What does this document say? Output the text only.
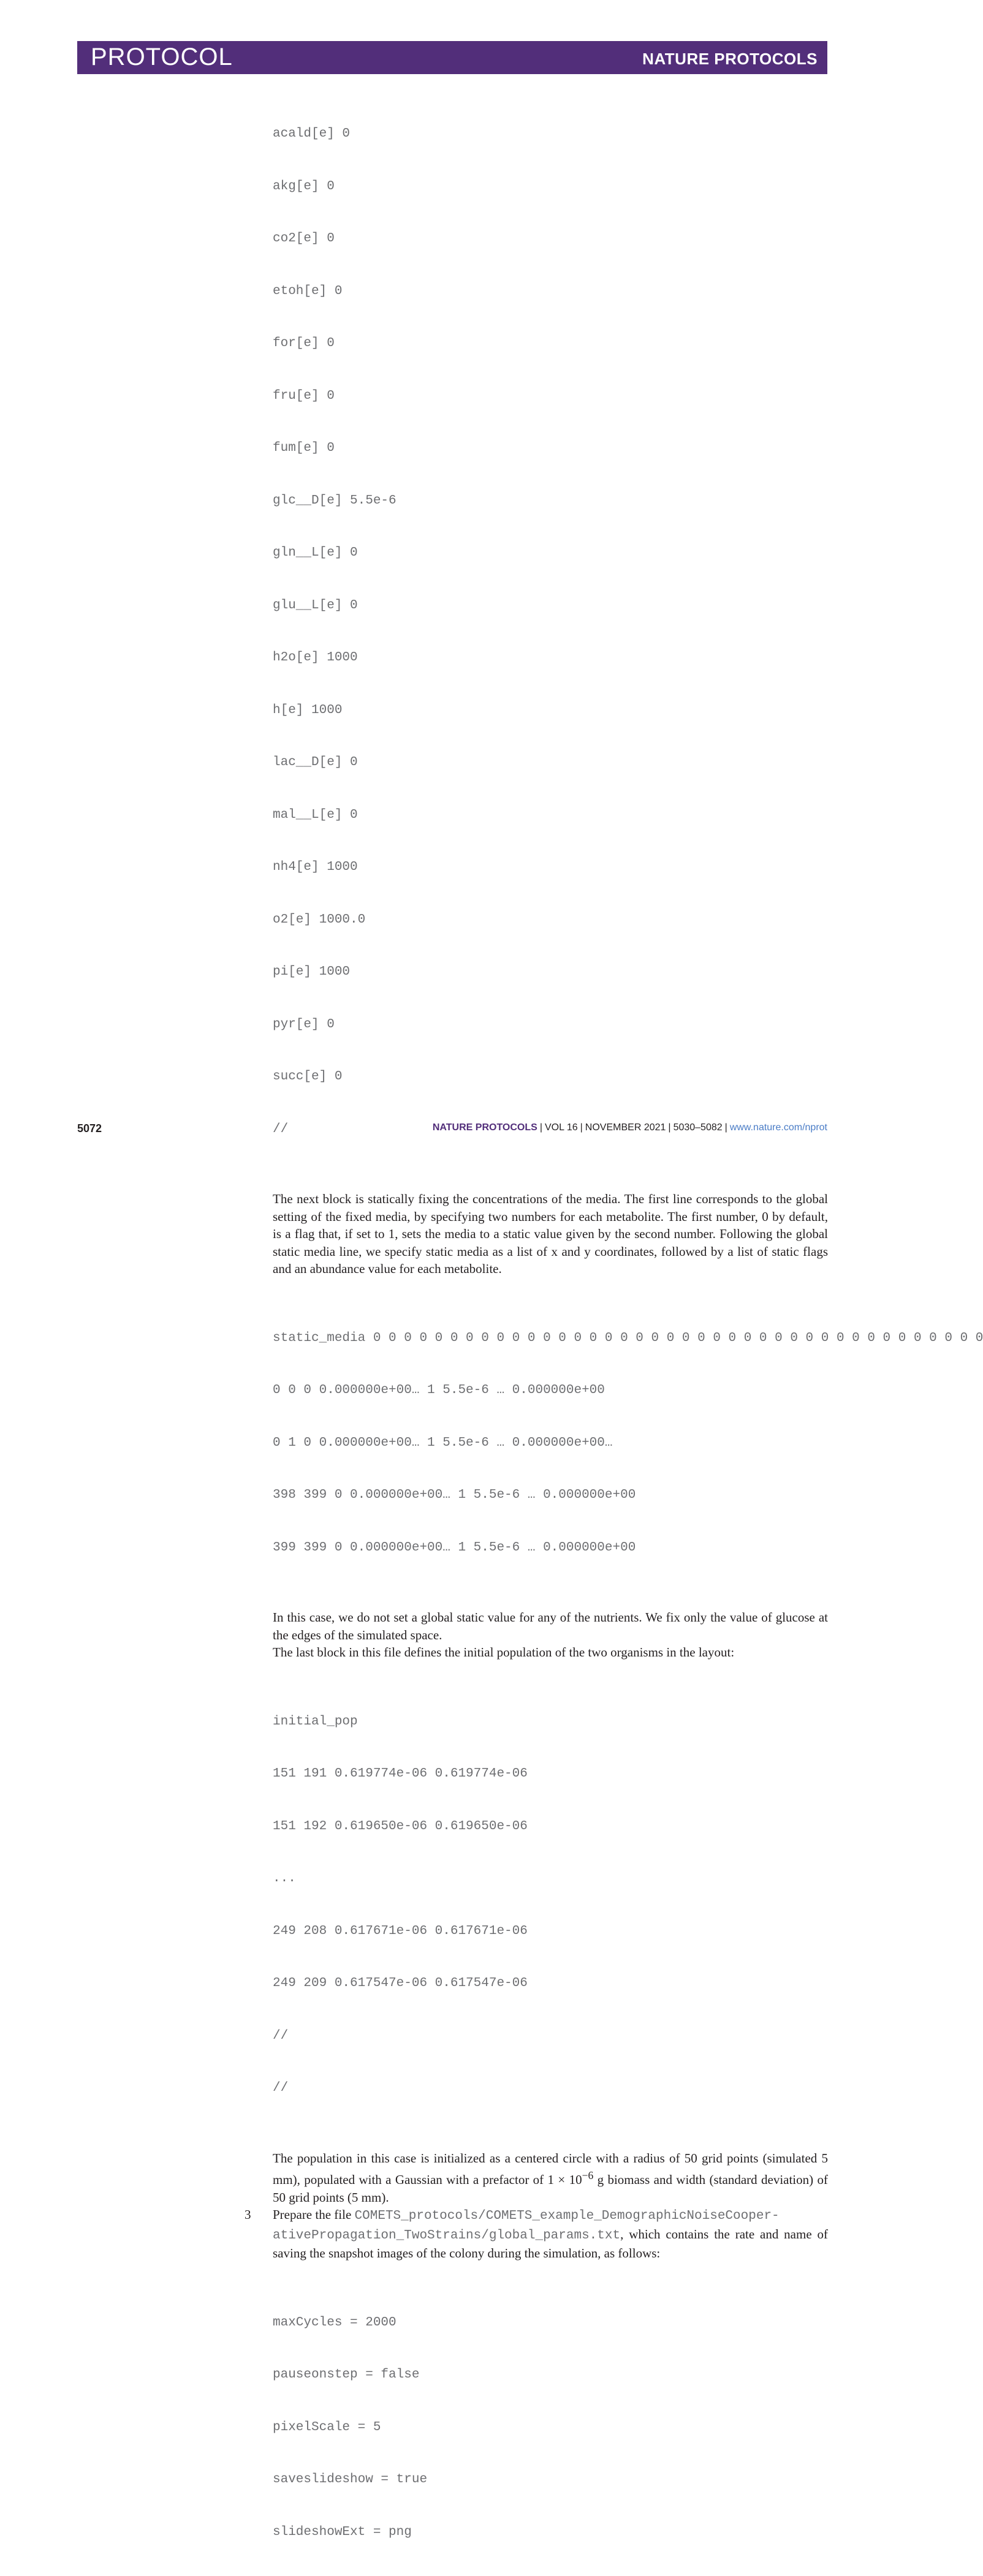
PROTOCOL	NATURE PROTOCOLS

acald[e] 0

akg[e] 0

co2[e] 0

etoh[e] 0

for[e] 0

fru[e] 0

fum[e] 0

glc__D[e] 5.5e-6

gln__L[e] 0

glu__L[e] 0

h2o[e] 1000

h[e] 1000

lac__D[e] 0

mal__L[e] 0

nh4[e] 1000

o2[e] 1000.0

pi[e] 1000

pyr[e] 0

succ[e] 0

//

The next block is statically fixing the concentrations of the media. The first line corresponds to the global setting of the fixed media, by specifying two numbers for each metabolite. The first number, 0 by default, is a flag that, if set to 1, sets the media to a static value given by the second number. Following the global static media line, we specify static media as a list of x and y coordinates, followed by a list of static flags and an abundance value for each metabolite.

static_media 0 0 0 0 0 0 0 0 0 0 0 0 0 0 0 0 0 0 0 0 0 0 0 0 0 0 0 0 0 0 0 0 0 0 0 0 0 0 0 0

0 0 0 0.000000e+00… 1 5.5e-6 … 0.000000e+00

0 1 0 0.000000e+00… 1 5.5e-6 … 0.000000e+00…

398 399 0 0.000000e+00… 1 5.5e-6 … 0.000000e+00

399 399 0 0.000000e+00… 1 5.5e-6 … 0.000000e+00

In this case, we do not set a global static value for any of the nutrients. We fix only the value of glucose at the edges of the simulated space.
The last block in this file defines the initial population of the two organisms in the layout:

initial_pop

151 191 0.619774e-06 0.619774e-06

151 192 0.619650e-06 0.619650e-06

...

249 208 0.617671e-06 0.617671e-06

249 209 0.617547e-06 0.617547e-06

//

//

The population in this case is initialized as a centered circle with a radius of 50 grid points (simulated 5 mm), populated with a Gaussian with a prefactor of $1 \times 10^{-6}$ g biomass and width (standard deviation) of 50 grid points (5 mm).
3 Prepare the file COMETS_protocols/COMETS_example_DemographicNoiseCooper-
ativePropagation_TwoStrains/global_params.txt, which contains the rate and name of saving the snapshot images of the colony during the simulation, as follows:

maxCycles = 2000

pauseonstep = false

pixelScale = 5

saveslideshow = true

slideshowExt = png

5072	NATURE PROTOCOLS | VOL 16 | NOVEMBER 2021 | 5030–5082 | www.nature.com/nprot
